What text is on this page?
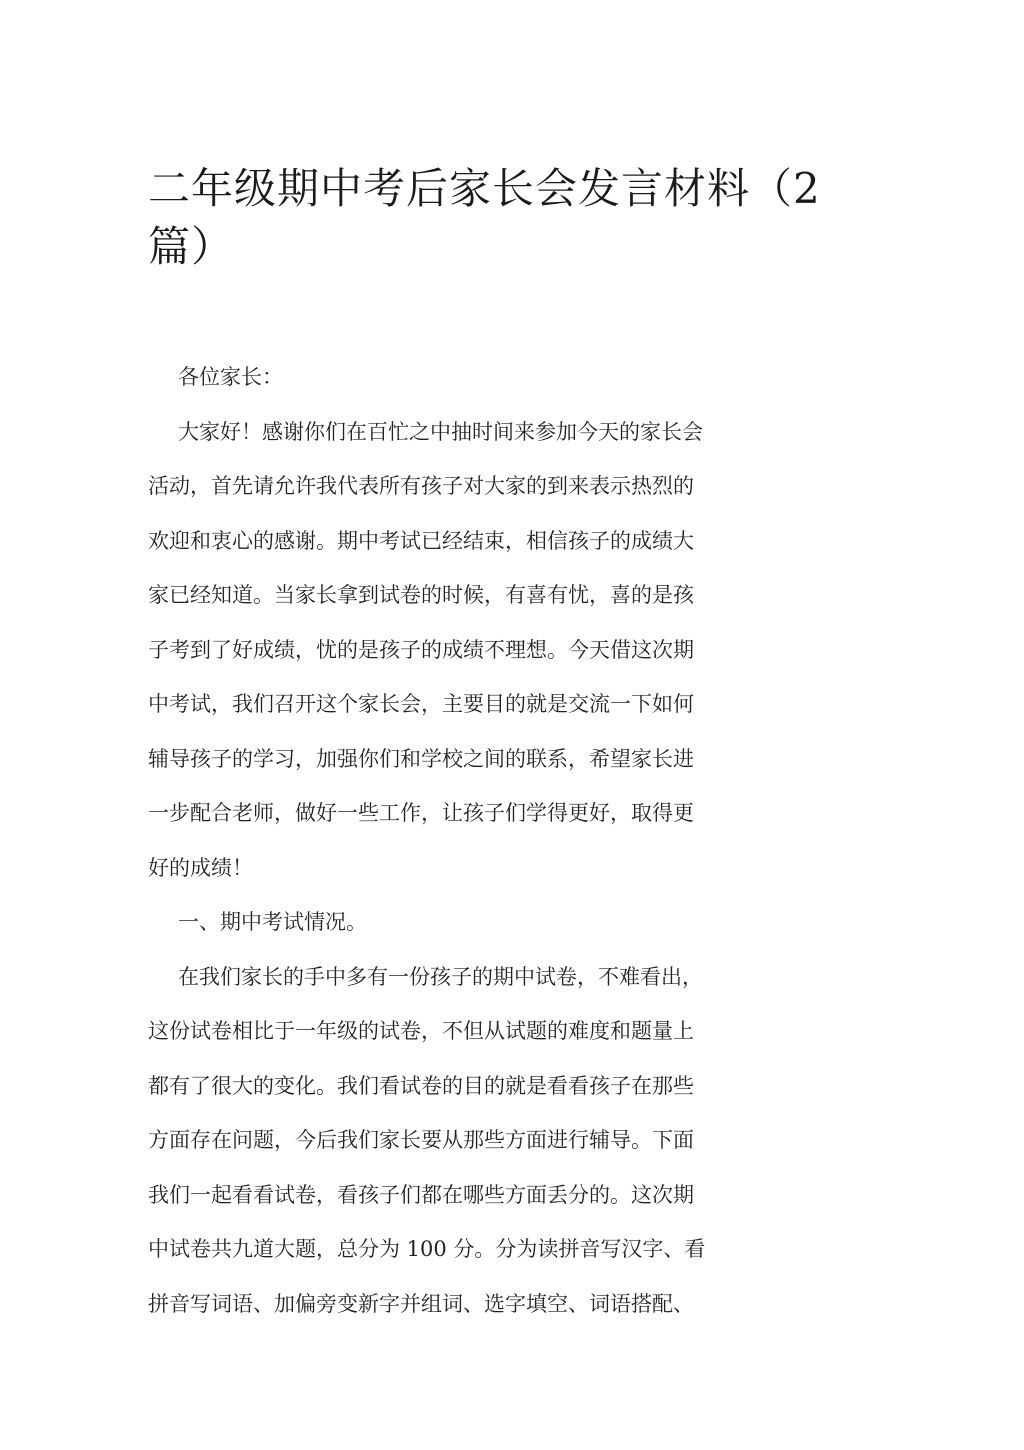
二年级期中考后家长会发言材料（2篇）
各位家长：
大家好！感谢你们在百忙之中抽时间来参加今天的家长会
活动，首先请允许我代表所有孩子对大家的到来表示热烈的
欢迎和衷心的感谢。期中考试已经结束，相信孩子的成绩大
家已经知道。当家长拿到试卷的时候，有喜有忧，喜的是孩
子考到了好成绩，忧的是孩子的成绩不理想。今天借这次期
中考试，我们召开这个家长会，主要目的就是交流一下如何
辅导孩子的学习，加强你们和学校之间的联系，希望家长进
一步配合老师，做好一些工作，让孩子们学得更好，取得更
好的成绩！
一、期中考试情况。
在我们家长的手中多有一份孩子的期中试卷，不难看出，
这份试卷相比于一年级的试卷，不但从试题的难度和题量上
都有了很大的变化。我们看试卷的目的就是看看孩子在那些
方面存在问题，今后我们家长要从那些方面进行辅导。下面
我们一起看看试卷，看孩子们都在哪些方面丢分的。这次期
中试卷共九道大题，总分为 100 分。分为读拼音写汉字、看
拼音写词语、加偏旁变新字并组词、选字填空、词语搭配、
